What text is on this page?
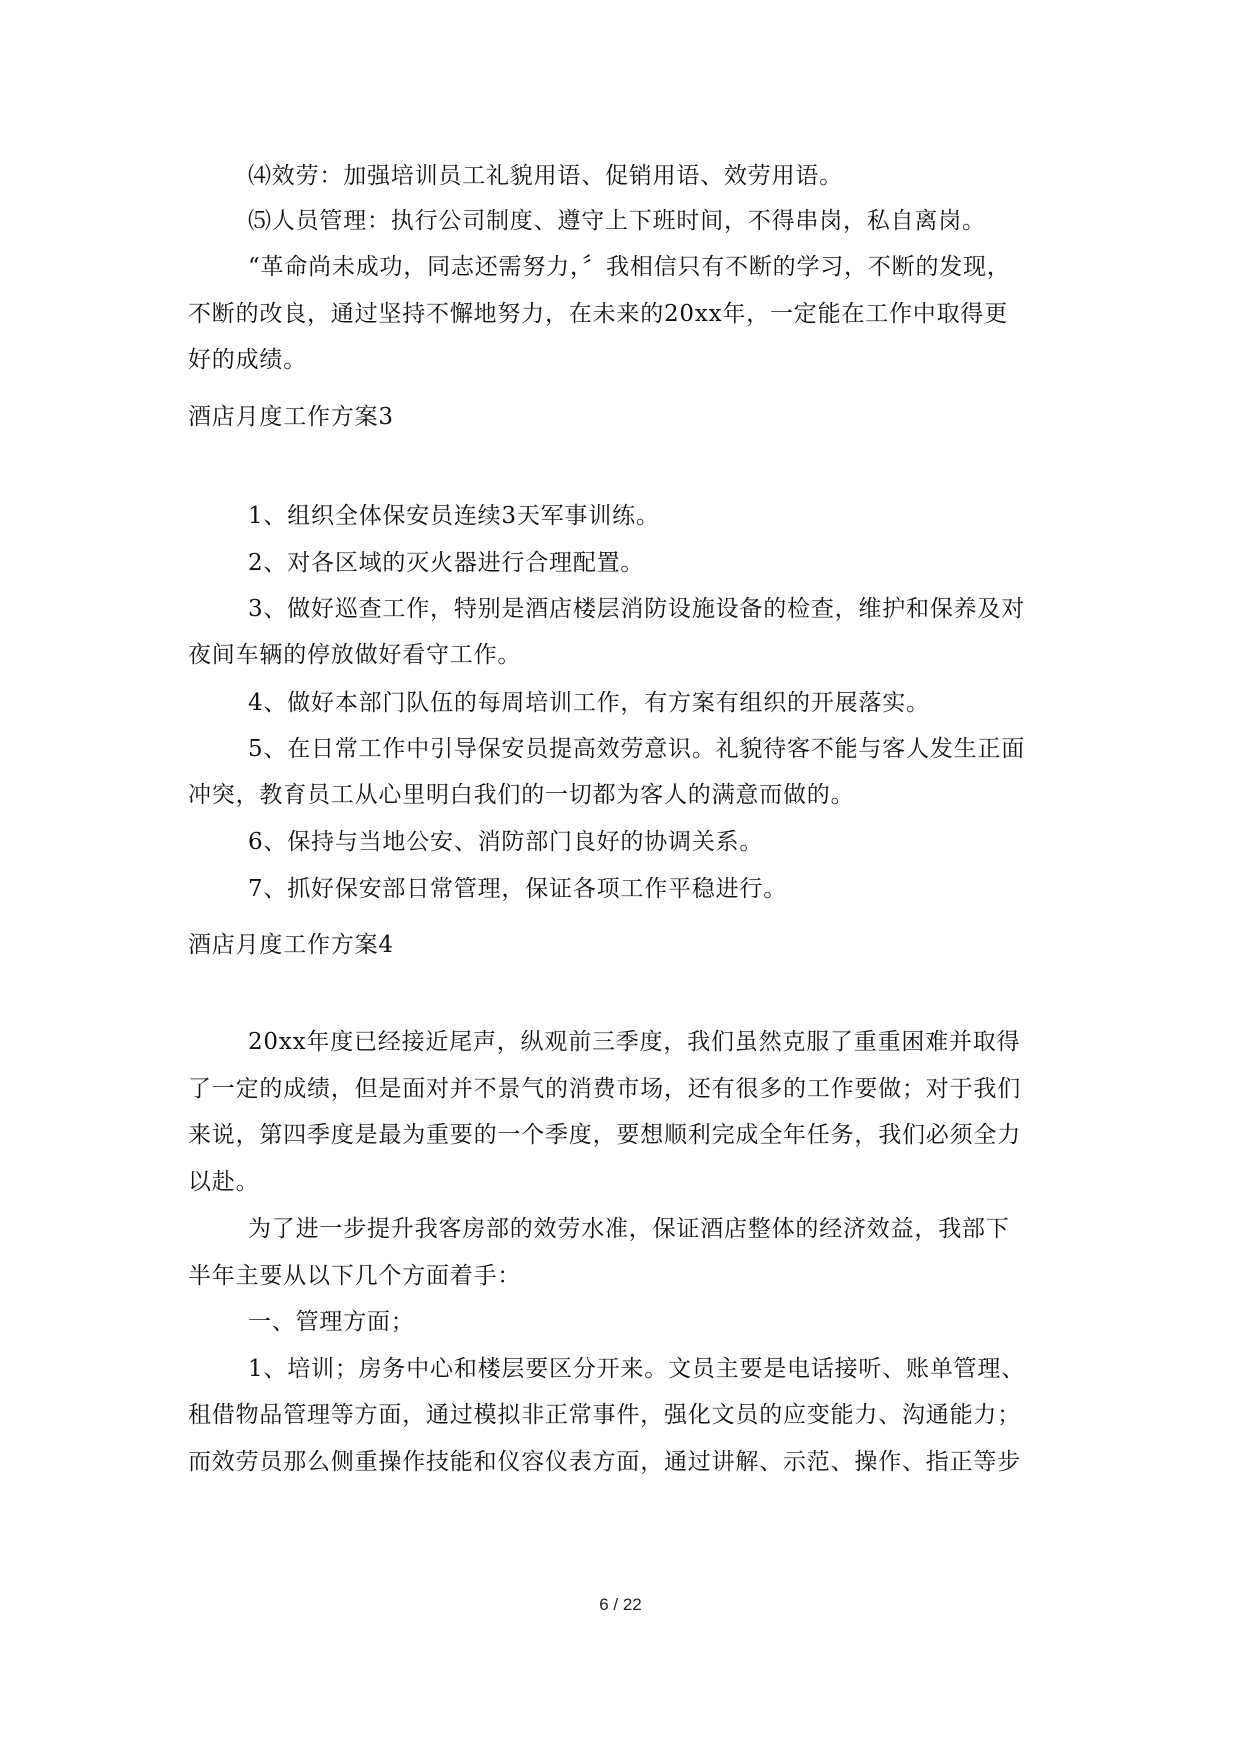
⑷效劳：加强培训员工礼貌用语、促销用语、效劳用语。
⑸人员管理：执行公司制度、遵守上下班时间，不得串岗，私自离岗。
“革命尚未成功，同志还需努力，〞我相信只有不断的学习，不断的发现，
不断的改良，通过坚持不懈地努力，在未来的20xx年，一定能在工作中取得更
好的成绩。
酒店月度工作方案3
1、组织全体保安员连续3天军事训练。
2、对各区域的灭火器进行合理配置。
3、做好巡查工作，特别是酒店楼层消防设施设备的检查，维护和保养及对
夜间车辆的停放做好看守工作。
4、做好本部门队伍的每周培训工作，有方案有组织的开展落实。
5、在日常工作中引导保安员提高效劳意识。礼貌待客不能与客人发生正面
冲突，教育员工从心里明白我们的一切都为客人的满意而做的。
6、保持与当地公安、消防部门良好的协调关系。
7、抓好保安部日常管理，保证各项工作平稳进行。
酒店月度工作方案4
20xx年度已经接近尾声，纵观前三季度，我们虽然克服了重重困难并取得
了一定的成绩，但是面对并不景气的消费市场，还有很多的工作要做；对于我们
来说，第四季度是最为重要的一个季度，要想顺利完成全年任务，我们必须全力
以赴。
为了进一步提升我客房部的效劳水准，保证酒店整体的经济效益，我部下
半年主要从以下几个方面着手：
一、管理方面；
1、培训；房务中心和楼层要区分开来。文员主要是电话接听、账单管理、
租借物品管理等方面，通过模拟非正常事件，强化文员的应变能力、沟通能力；
而效劳员那么侧重操作技能和仪容仪表方面，通过讲解、示范、操作、指正等步
6 / 22
